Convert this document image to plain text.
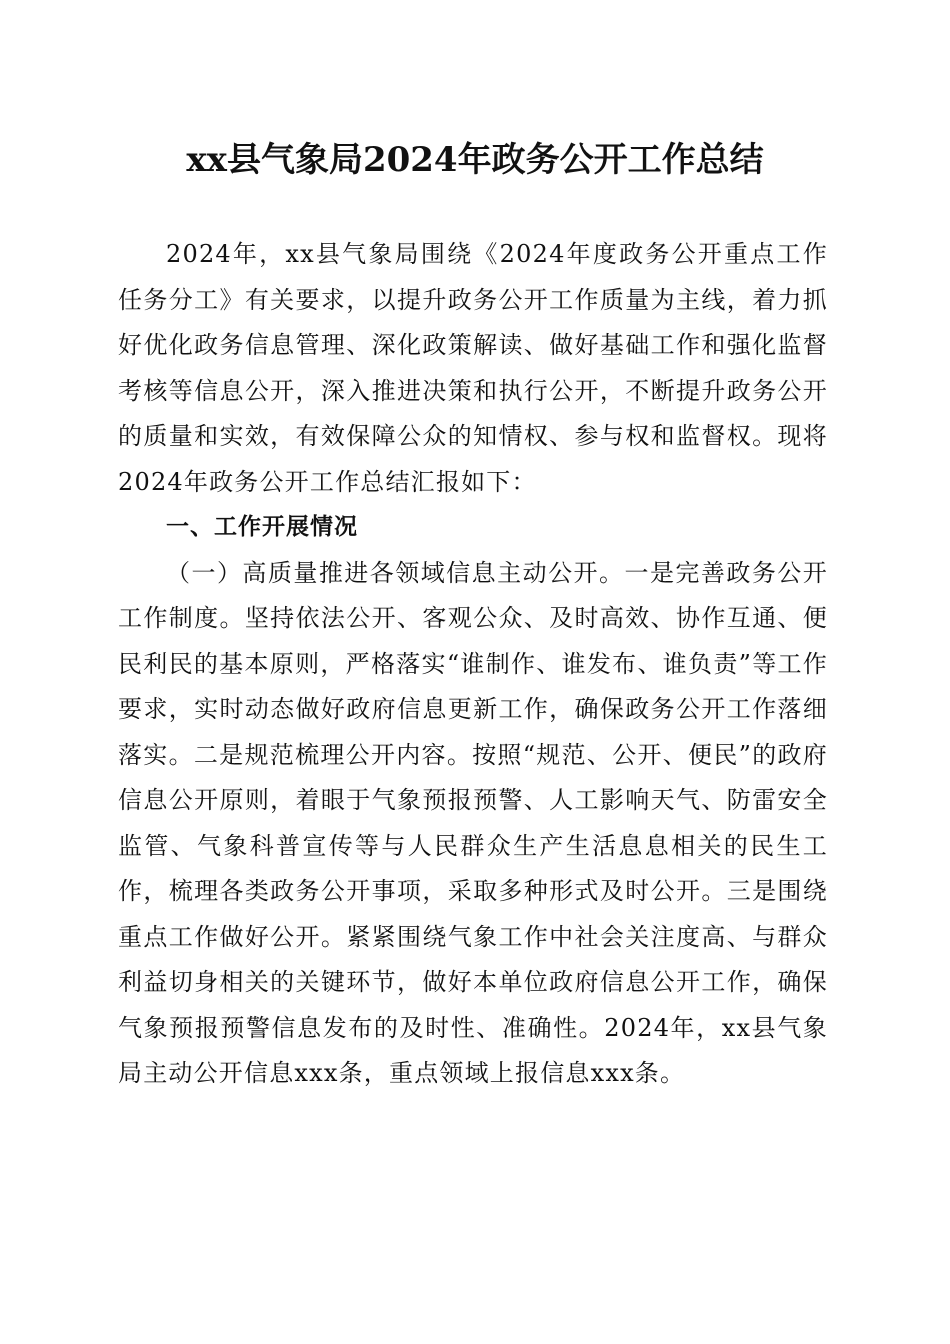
xx县气象局2024年政务公开工作总结

2024年，xx县气象局围绕《2024年度政务公开重点工作任务分工》有关要求，以提升政务公开工作质量为主线，着力抓好优化政务信息管理、深化政策解读、做好基础工作和强化监督考核等信息公开，深入推进决策和执行公开，不断提升政务公开的质量和实效，有效保障公众的知情权、参与权和监督权。现将2024年政务公开工作总结汇报如下：

一、工作开展情况

（一）高质量推进各领域信息主动公开。一是完善政务公开工作制度。坚持依法公开、客观公众、及时高效、协作互通、便民利民的基本原则，严格落实“谁制作、谁发布、谁负责”等工作要求，实时动态做好政府信息更新工作，确保政务公开工作落细落实。二是规范梳理公开内容。按照“规范、公开、便民”的政府信息公开原则，着眼于气象预报预警、人工影响天气、防雷安全监管、气象科普宣传等与人民群众生产生活息息相关的民生工作，梳理各类政务公开事项，采取多种形式及时公开。三是围绕重点工作做好公开。紧紧围绕气象工作中社会关注度高、与群众利益切身相关的关键环节，做好本单位政府信息公开工作，确保气象预报预警信息发布的及时性、准确性。2024年，xx县气象局主动公开信息xxx条，重点领域上报信息xxx条。
